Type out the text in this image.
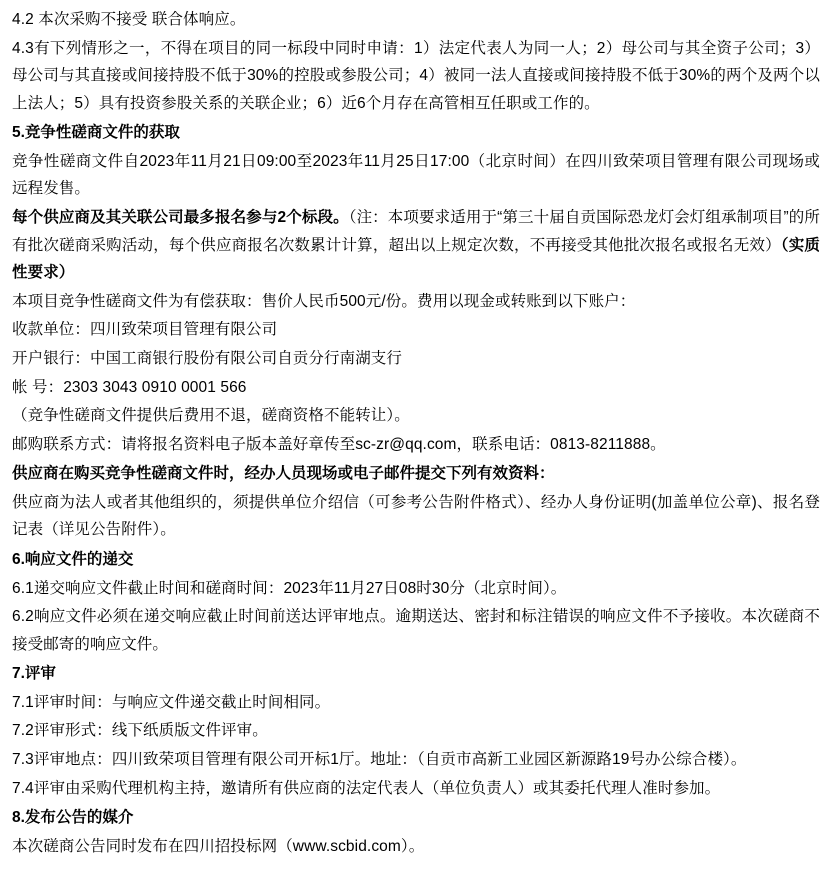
4.2 本次采购不接受 联合体响应。

4.3有下列情形之一，不得在项目的同一标段中同时申请：1）法定代表人为同一人；2）母公司与其全资子公司；3）母公司与其直接或间接持股不低于30%的控股或参股公司；4）被同一法人直接或间接持股不低于30%的两个及两个以上法人；5）具有投资参股关系的关联企业；6）近6个月存在高管相互任职或工作的。

5.竞争性磋商文件的获取

竞争性磋商文件自2023年11月21日09:00至2023年11月25日17:00（北京时间）在四川致荣项目管理有限公司现场或远程发售。

每个供应商及其关联公司最多报名参与2个标段。（注：本项要求适用于“第三十届自贡国际恐龙灯会灯组承制项目”的所有批次磋商采购活动，每个供应商报名次数累计计算，超出以上规定次数，不再接受其他批次报名或报名无效）（实质性要求）

本项目竞争性磋商文件为有偿获取：售价人民币500元/份。费用以现金或转账到以下账户：

收款单位：四川致荣项目管理有限公司

开户银行：中国工商银行股份有限公司自贡分行南湖支行

帐 号：2303 3043 0910 0001 566

（竞争性磋商文件提供后费用不退，磋商资格不能转让）。

邮购联系方式：请将报名资料电子版本盖好章传至sc-zr@qq.com，联系电话：0813-8211888。

供应商在购买竞争性磋商文件时，经办人员现场或电子邮件提交下列有效资料：

供应商为法人或者其他组织的，须提供单位介绍信（可参考公告附件格式）、经办人身份证明(加盖单位公章)、报名登记表（详见公告附件）。

6.响应文件的递交

6.1递交响应文件截止时间和磋商时间：2023年11月27日08时30分（北京时间）。

6.2响应文件必须在递交响应截止时间前送达评审地点。逾期送达、密封和标注错误的响应文件不予接收。本次磋商不接受邮寄的响应文件。

7.评审

7.1评审时间：与响应文件递交截止时间相同。

7.2评审形式：线下纸质版文件评审。

7.3评审地点：四川致荣项目管理有限公司开标1厅。地址：（自贡市高新工业园区新源路19号办公综合楼）。

7.4评审由采购代理机构主持，邀请所有供应商的法定代表人（单位负责人）或其委托代理人准时参加。

8.发布公告的媒介

本次磋商公告同时发布在四川招投标网（www.scbid.com）。
